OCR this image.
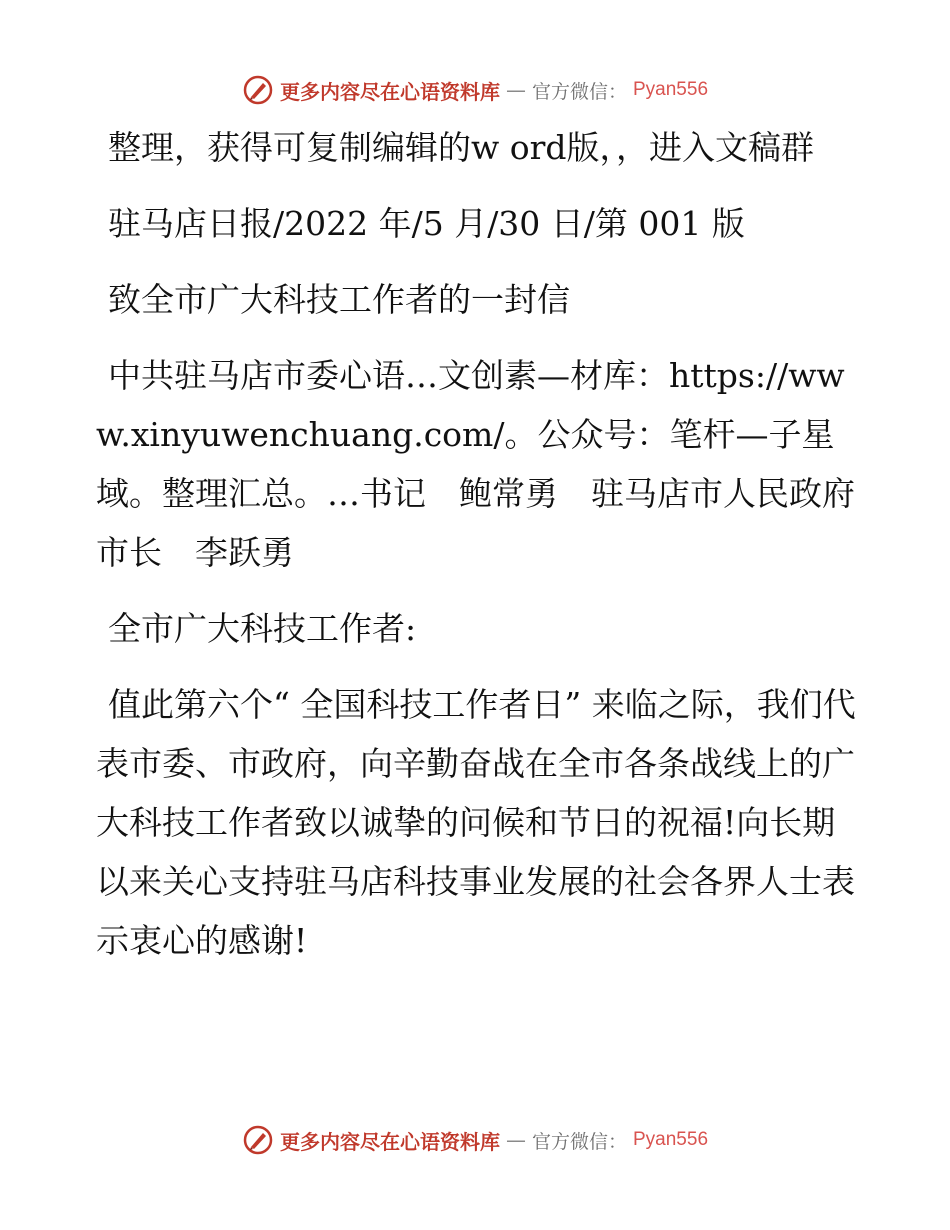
更多内容尽在心语资料库 — 官方微信： Pyan556

整理，获得可复制编辑的w ord版，，进入文稿群

驻马店日报/2022 年/5 月/30 日/第 001 版

致全市广大科技工作者的一封信

中共驻马店市委心语…文创素—材库：https://www.xinyuwenchuang.com/。公众号：笔杆—子星域。整理汇总。…书记　鲍常勇　驻马店市人民政府市长　李跃勇

全市广大科技工作者:

值此第六个“ 全国科技工作者日” 来临之际，我们代表市委、市政府，向辛勤奋战在全市各条战线上的广大科技工作者致以诚挚的问候和节日的祝福!向长期以来关心支持驻马店科技事业发展的社会各界人士表示衷心的感谢!

更多内容尽在心语资料库 — 官方微信： Pyan556
